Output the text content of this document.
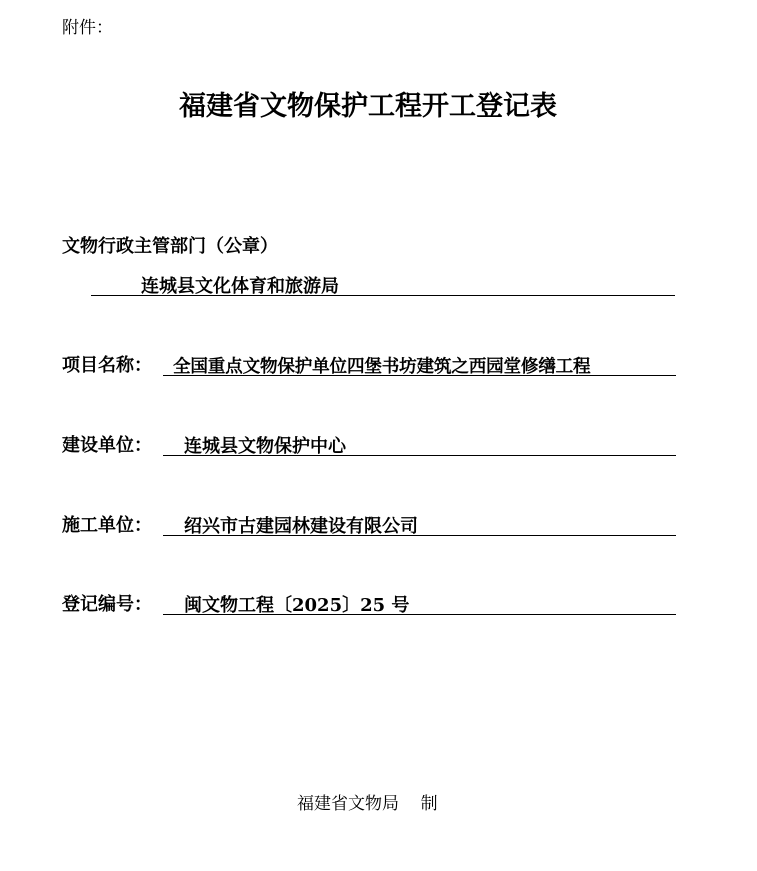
附件：
福建省文物保护工程开工登记表
文物行政主管部门（公章）
连城县文化体育和旅游局
项目名称：	全国重点文物保护单位四堡书坊建筑之西园堂修缮工程
建设单位：	连城县文物保护中心
施工单位：	绍兴市古建园林建设有限公司
登记编号：	闽文物工程〔2025〕25 号
福建省文物局    制
